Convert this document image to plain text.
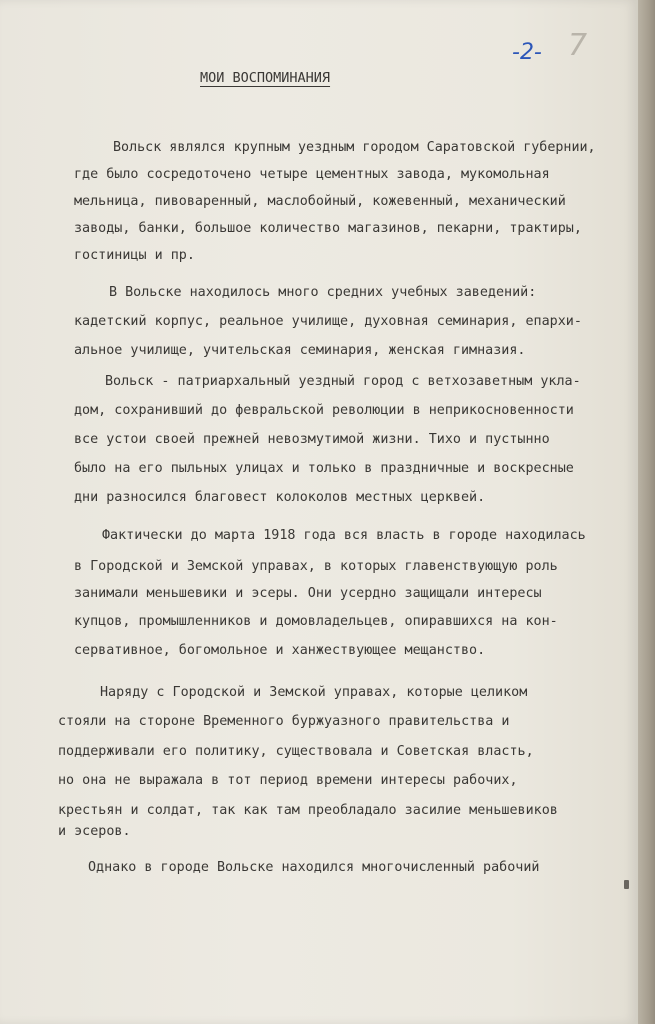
-2- 7
МОИ ВОСПОМИНАНИЯ
Вольск являлся крупным уездным городом Саратовской губернии,
где было сосредоточено четыре цементных завода, мукомольная
мельница, пивоваренный, маслобойный, кожевенный, механический
заводы, банки, большое количество магазинов, пекарни, трактиры,
гостиницы и пр.
В Вольске находилось много средних учебных заведений:
кадетский корпус, реальное училище, духовная семинария, епархи-
альное училище, учительская семинария, женская гимназия.
Вольск - патриархальный уездный город с ветхозаветным укла-
дом, сохранивший до февральской революции в неприкосновенности
все устои своей прежней невозмутимой жизни. Тихо и пустынно
было на его пыльных улицах и только в праздничные и воскресные
дни разносился благовест колоколов местных церквей.
Фактически до марта 1918 года вся власть в городе находилась
в Городской и Земской управах, в которых главенствующую роль
занимали меньшевики и эсеры. Они усердно защищали интересы
купцов, промышленников и домовладельцев, опиравшихся на кон-
сервативное, богомольное и ханжествующее мещанство.
Наряду с Городской и Земской управах, которые целиком
стояли на стороне Временного буржуазного правительства и
поддерживали его политику, существовала и Советская власть,
но она не выражала в тот период времени интересы рабочих,
крестьян и солдат, так как там преобладало засилие меньшевиков
и эсеров.
Однако в городе Вольске находился многочисленный рабочий
